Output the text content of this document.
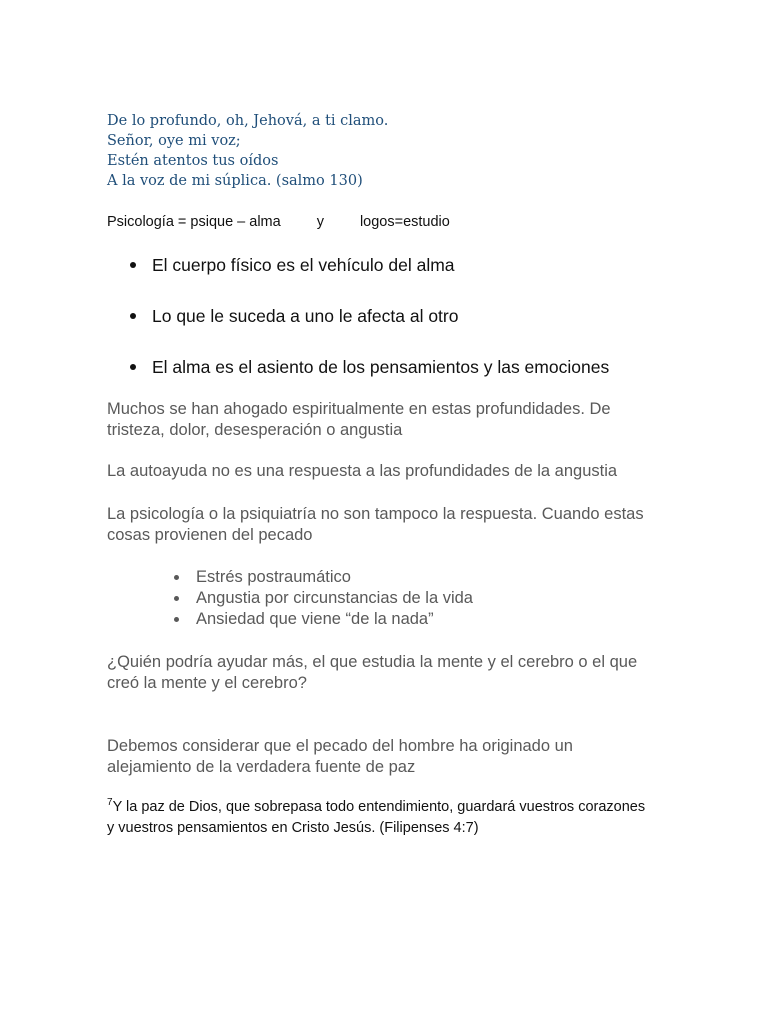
De lo profundo, oh, Jehová, a ti clamo.
Señor, oye mi voz;
Estén atentos tus oídos
A la voz de mi súplica. (salmo 130)
Psicología = psique – alma y logos=estudio
El cuerpo físico es el vehículo del alma
Lo que le suceda a uno le afecta al otro
El alma es el asiento de los pensamientos y las emociones
Muchos se han ahogado espiritualmente en estas profundidades. De
tristeza, dolor, desesperación o angustia
La autoayuda no es una respuesta a las profundidades de la angustia
La psicología o la psiquiatría no son tampoco la respuesta. Cuando estas
cosas provienen del pecado
Estrés postraumático
Angustia por circunstancias de la vida
Ansiedad que viene “de la nada”
¿Quién podría ayudar más, el que estudia la mente y el cerebro o el que
creó la mente y el cerebro?
Debemos considerar que el pecado del hombre ha originado un
alejamiento de la verdadera fuente de paz
$^7$Y la paz de Dios, que sobrepasa todo entendimiento, guardará vuestros corazones
y vuestros pensamientos en Cristo Jesús. (Filipenses 4:7)
